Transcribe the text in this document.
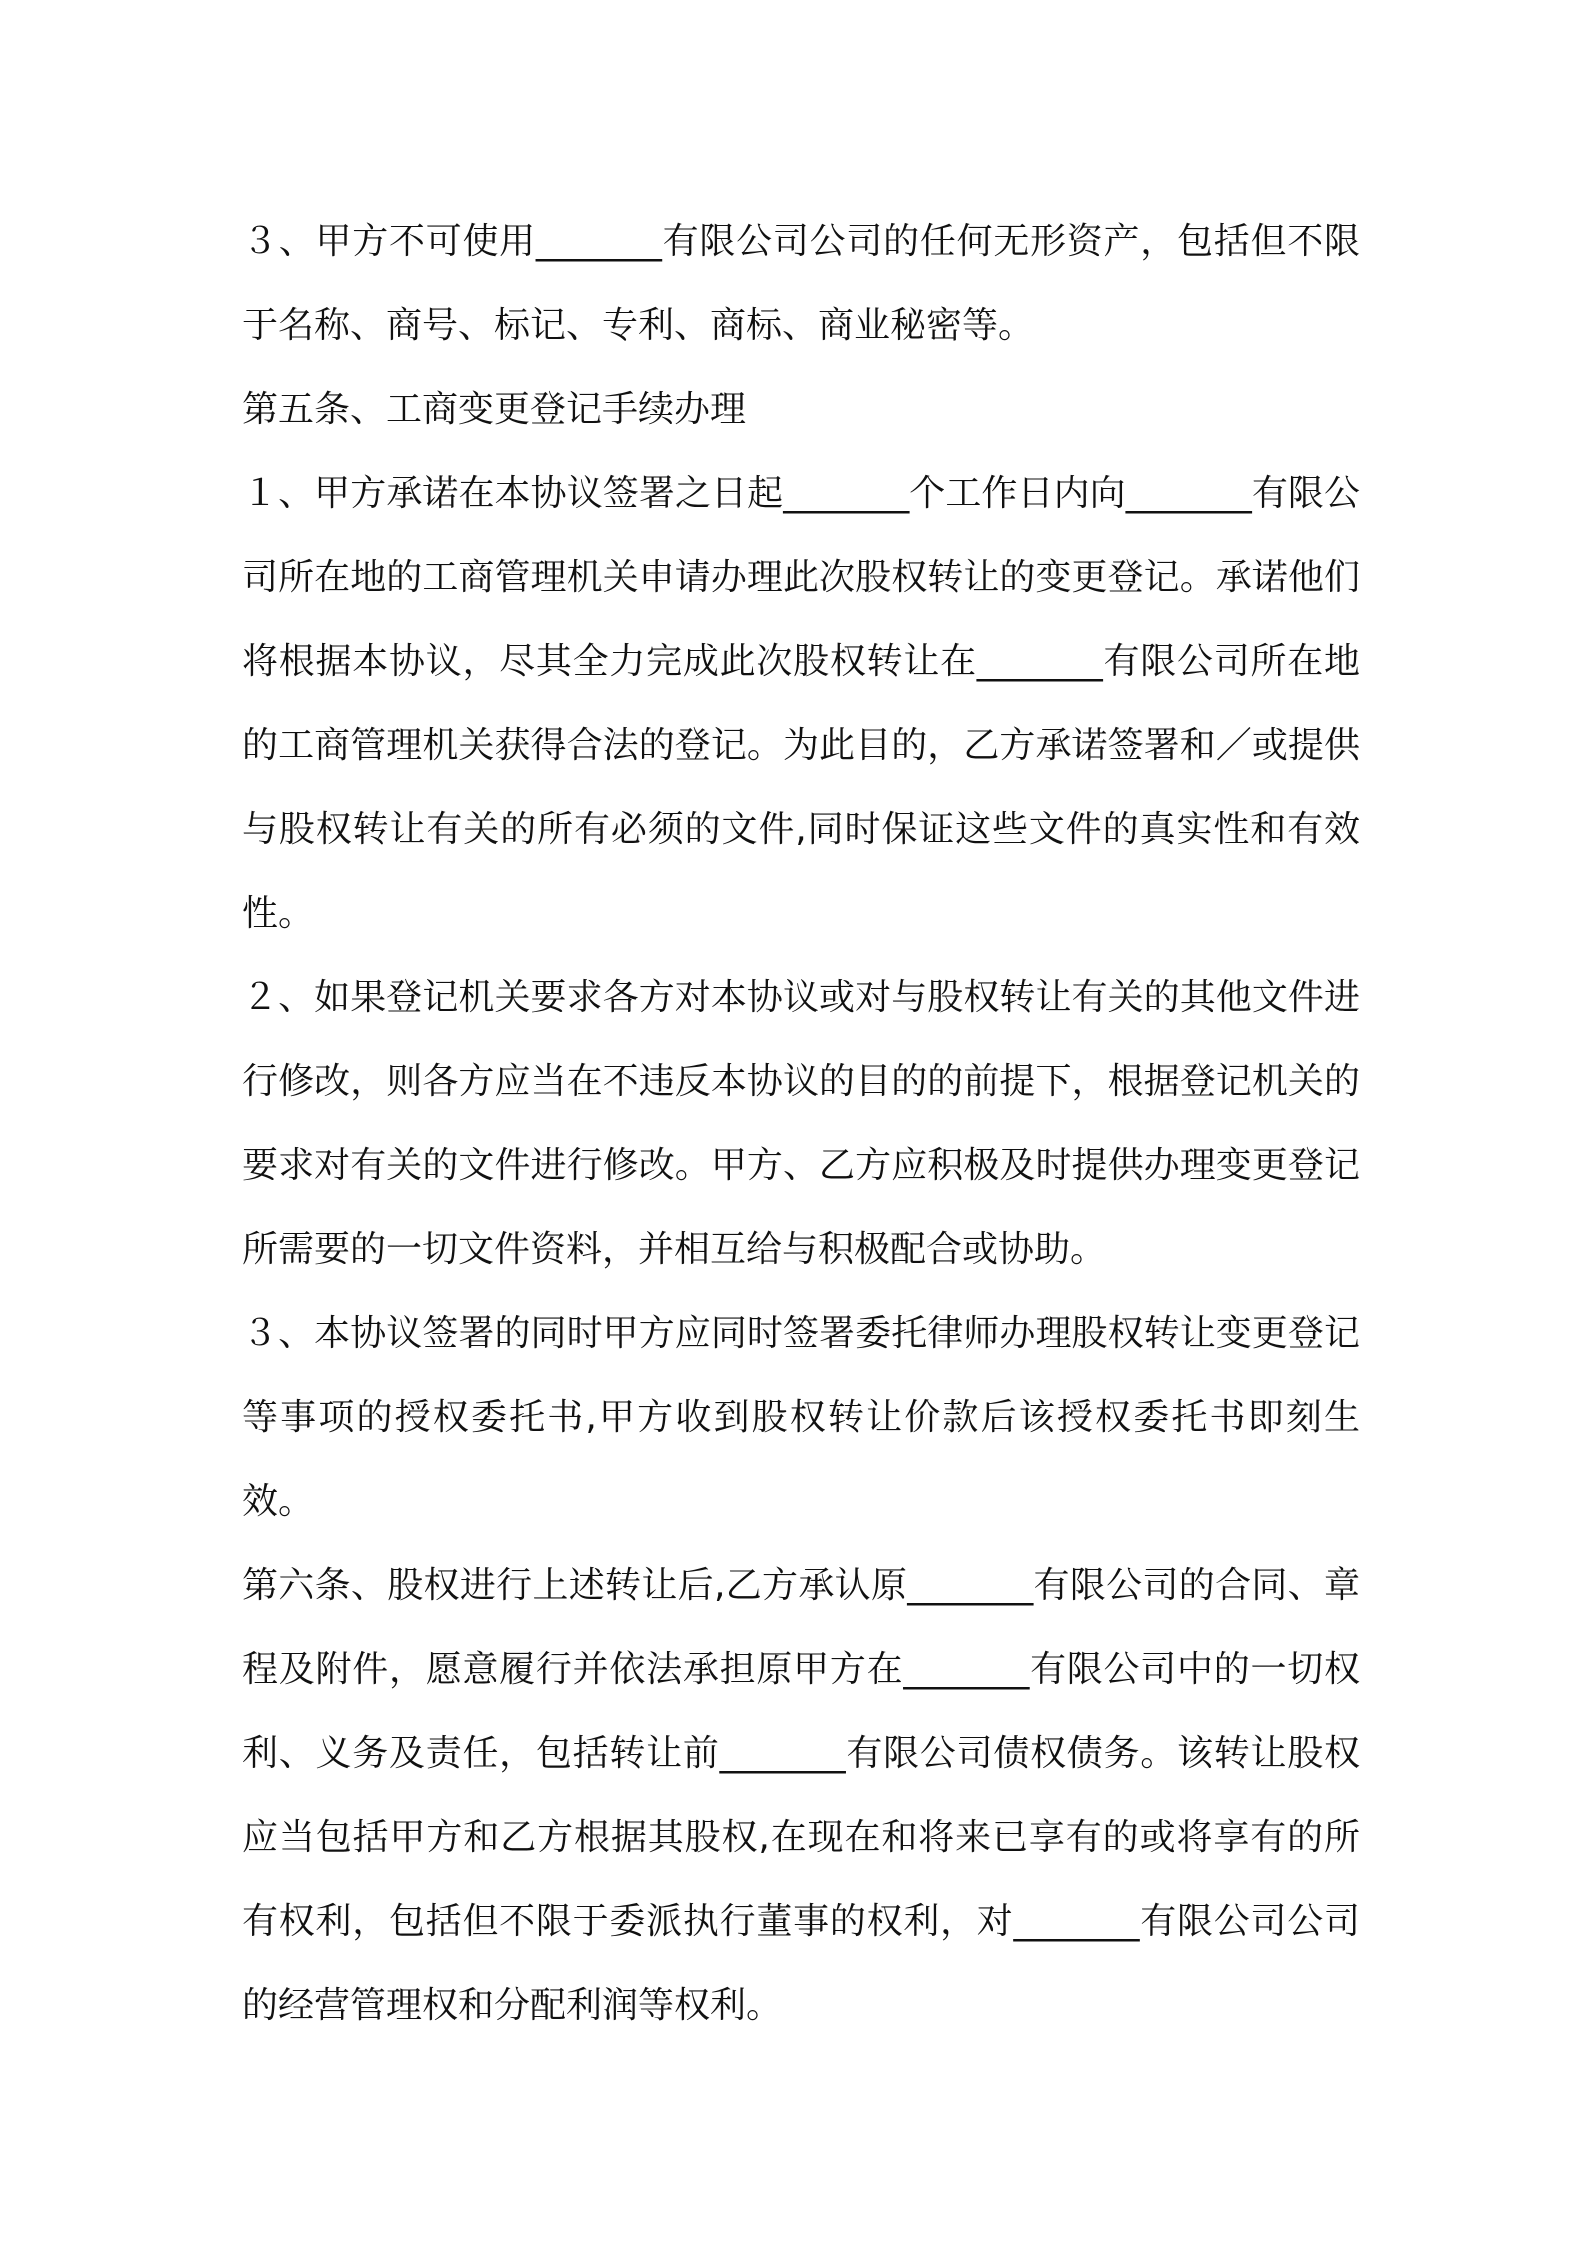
３、甲方不可使用_______有限公司公司的任何无形资产，包括但不限于名称、商号、标记、专利、商标、商业秘密等。

第五条、工商变更登记手续办理

１、甲方承诺在本协议签署之日起_______个工作日内向_______有限公司所在地的工商管理机关申请办理此次股权转让的变更登记。承诺他们将根据本协议，尽其全力完成此次股权转让在_______有限公司所在地的工商管理机关获得合法的登记。为此目的，乙方承诺签署和／或提供与股权转让有关的所有必须的文件,同时保证这些文件的真实性和有效性。

２、如果登记机关要求各方对本协议或对与股权转让有关的其他文件进行修改，则各方应当在不违反本协议的目的的前提下，根据登记机关的要求对有关的文件进行修改。甲方、乙方应积极及时提供办理变更登记所需要的一切文件资料，并相互给与积极配合或协助。

３、本协议签署的同时甲方应同时签署委托律师办理股权转让变更登记等事项的授权委托书,甲方收到股权转让价款后该授权委托书即刻生效。

第六条、股权进行上述转让后,乙方承认原_______有限公司的合同、章程及附件，愿意履行并依法承担原甲方在_______有限公司中的一切权利、义务及责任，包括转让前_______有限公司债权债务。该转让股权应当包括甲方和乙方根据其股权,在现在和将来已享有的或将享有的所有权利，包括但不限于委派执行董事的权利，对_______有限公司公司的经营管理权和分配利润等权利。
